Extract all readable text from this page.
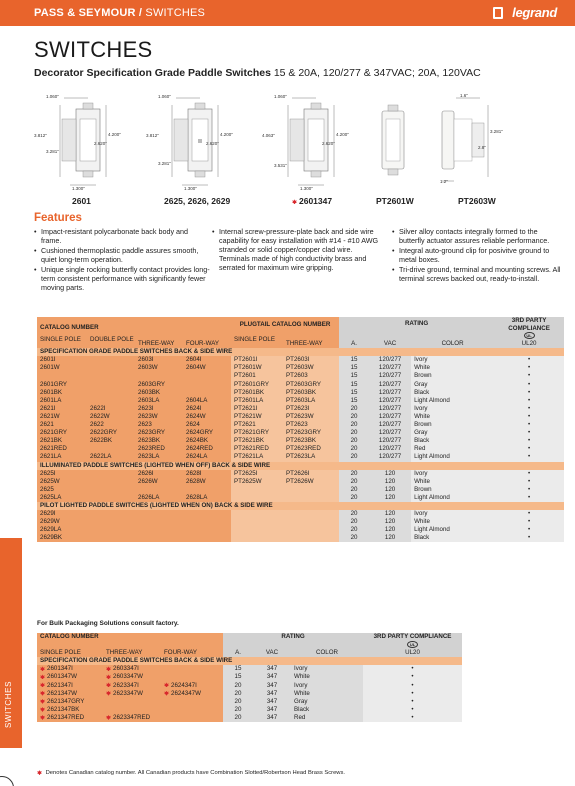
PASS & SEYMOUR / SWITCHES	legrand
SWITCHES
Decorator Specification Grade Paddle Switches 15 & 20A, 120/277 & 347VAC; 20A, 120VAC
1.060"
3.812"	4.200"
2.620"
3.281"
1.300"
2601
1.060"
3.812"	4.200"
2.620"
3.281"
1.300"
2625, 2626, 2629
1.060"
4.063"	4.200"
2.620"
3.531"
1.300"
2601347	PT2601W
1.6"
3.281"
2.8"
1.2"
PT2603W
Features
• Impact-resistant polycarbonate back body and frame.
• Cushioned thermoplastic paddle assures smooth, quiet long-term operation.
• Unique single rocking butterfly contact provides long-term consistent performance with significantly fewer moving parts.
• Internal screw-pressure-plate back and side wire capability for easy installation with #14 - #10 AWG stranded or solid copper/copper clad wire. Terminals made of high conductivity brass and serrated for maximum wire gripping.
• Silver alloy contacts integrally formed to the butterfly actuator assures reliable performance.
• Integral auto-ground clip for posivitve ground to metal boxes.
• Tri-drive ground, terminal and mounting screws. All terminal screws backed out, ready-to-install.
SWITCHES
CATALOG NUMBER				PLUGTAIL CATALOG NUMBER		RATING			3RD PARTY COMPLIANCE
SINGLE POLE	DOUBLE POLE	THREE-WAY	FOUR-WAY	SINGLE POLE	THREE-WAY	A.	VAC	COLOR	UL
UL20
SPECIFICATION GRADE PADDLE SWITCHES BACK & SIDE WIRE									
2601I		2603I	2604I	PT2601I	PT2603I	15	120/277	Ivory	•
2601W		2603W	2604W	PT2601W	PT2603W	15	120/277	White	•
				PT2601	PT2603	15	120/277	Brown	•
2601GRY		2603GRY		PT2601GRY	PT2603GRY	15	120/277	Gray	•
2601BK		2603BK		PT2601BK	PT2603BK	15	120/277	Black	•
2601LA		2603LA	2604LA	PT2601LA	PT2603LA	15	120/277	Light Almond	•
2621I	2622I	2623I	2624I	PT2621I	PT2623I	20	120/277	Ivory	•
2621W	2622W	2623W	2624W	PT2621W	PT2623W	20	120/277	White	•
2621	2622	2623	2624	PT2621	PT2623	20	120/277	Brown	•
2621GRY	2622GRY	2623GRY	2624GRY	PT2621GRY	PT2623GRY	20	120/277	Gray	•
2621BK	2622BK	2623BK	2624BK	PT2621BK	PT2623BK	20	120/277	Black	•
2621RED		2623RED	2624RED	PT2621RED	PT2623RED	20	120/277	Red	•
2621LA	2622LA	2623LA	2624LA	PT2621LA	PT2623LA	20	120/277	Light Almond	•
ILLUMINATED PADDLE SWITCHES (LIGHTED WHEN OFF) BACK & SIDE WIRE									
2625I		2626I	2628I	PT2625I	PT2626I	20	120	Ivory	•
2625W		2626W	2628W	PT2625W	PT2626W	20	120	White	•
2625						20	120	Brown	•
2625LA		2626LA	2628LA			20	120	Light Almond	•
PILOT LIGHTED PADDLE SWITCHES (LIGHTED WHEN ON) BACK & SIDE WIRE									
2629I						20	120	Ivory	•
2629W						20	120	White	•
2629LA						20	120	Light Almond	•
2629BK						20	120	Black	•
For Bulk Packaging Solutions consult factory.
CATALOG NUMBER			RATING			3RD PARTY COMPLIANCE
SINGLE POLE	THREE-WAY	FOUR-WAY	A.	VAC	COLOR	UL
UL20
SPECIFICATION GRADE PADDLE SWITCHES BACK & SIDE WIRE						
2601347I	2603347I		15	347	Ivory	•
2601347W	2603347W		15	347	White	•
2621347I	2623347I	2624347I	20	347	Ivory	•
2621347W	2623347W	2624347W	20	347	White	•
2621347GRY			20	347	Gray	•
2621347BK			20	347	Black	•
2621347RED	2623347RED		20	347	Red	•
Denotes Canadian catalog number. All Canadian products have Combination Slotted/Robertson Head Brass Screws.
